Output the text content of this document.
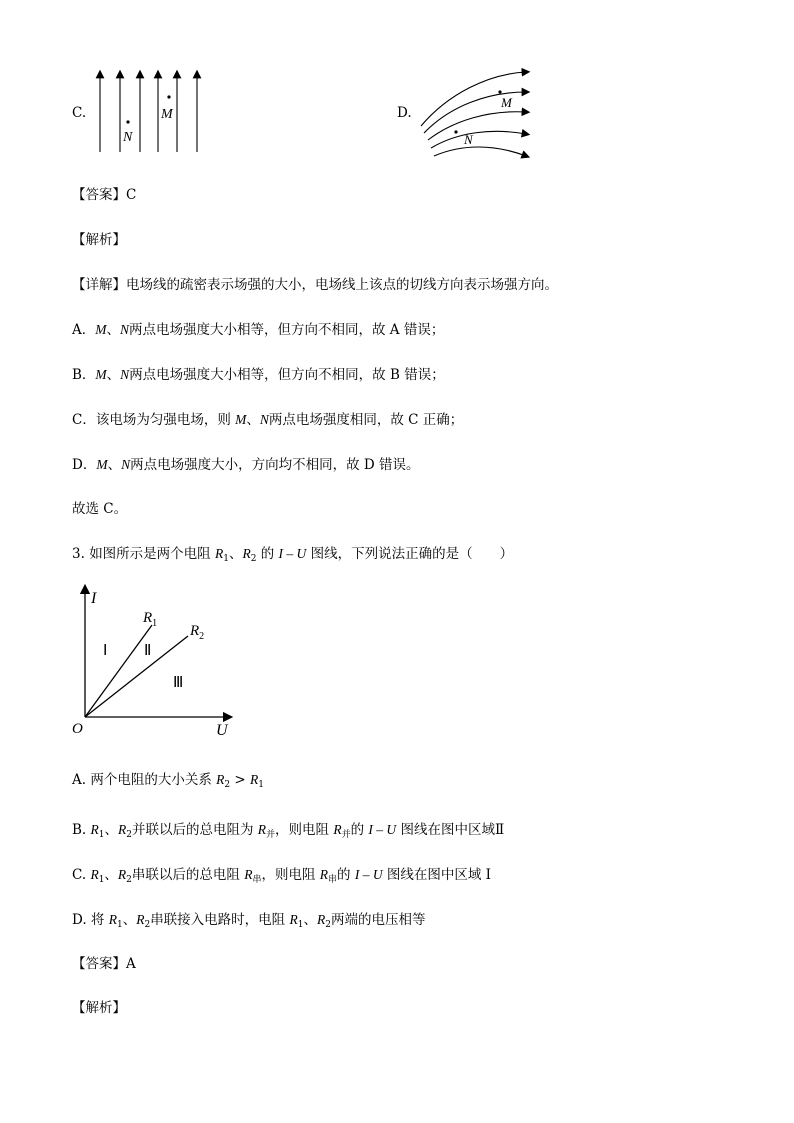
C.	M
N
D.
M
N
【答案】C
【解析】
【详解】电场线的疏密表示场强的大小，电场线上该点的切线方向表示场强方向。
A．M、N两点电场强度大小相等，但方向不相同，故 A 错误；
B．M、N两点电场强度大小相等，但方向不相同，故 B 错误；
C．该电场为匀强电场，则 M、N两点电场强度相同，故 C 正确；
D．M、N两点电场强度大小，方向均不相同，故 D 错误。
故选 C。
3. 如图所示是两个电阻 $R_1$、$R_2$ 的 I – U 图线，下列说法正确的是（　　）
I
U
O
$R_1$ $R_2$
Ⅰ Ⅱ
Ⅲ
A. 两个电阻的大小关系 $R_2 > R_1$
B. $R_1$、$R_2$并联以后的总电阻为 $R_并$，则电阻 $R_并$的 I – U 图线在图中区域Ⅱ
C. $R_1$、$R_2$串联以后的总电阻 $R_串$，则电阻 $R_串$的 I – U 图线在图中区域 I
D. 将 $R_1$、$R_2$串联接入电路时，电阻 $R_1$、$R_2$两端的电压相等
【答案】A
【解析】
